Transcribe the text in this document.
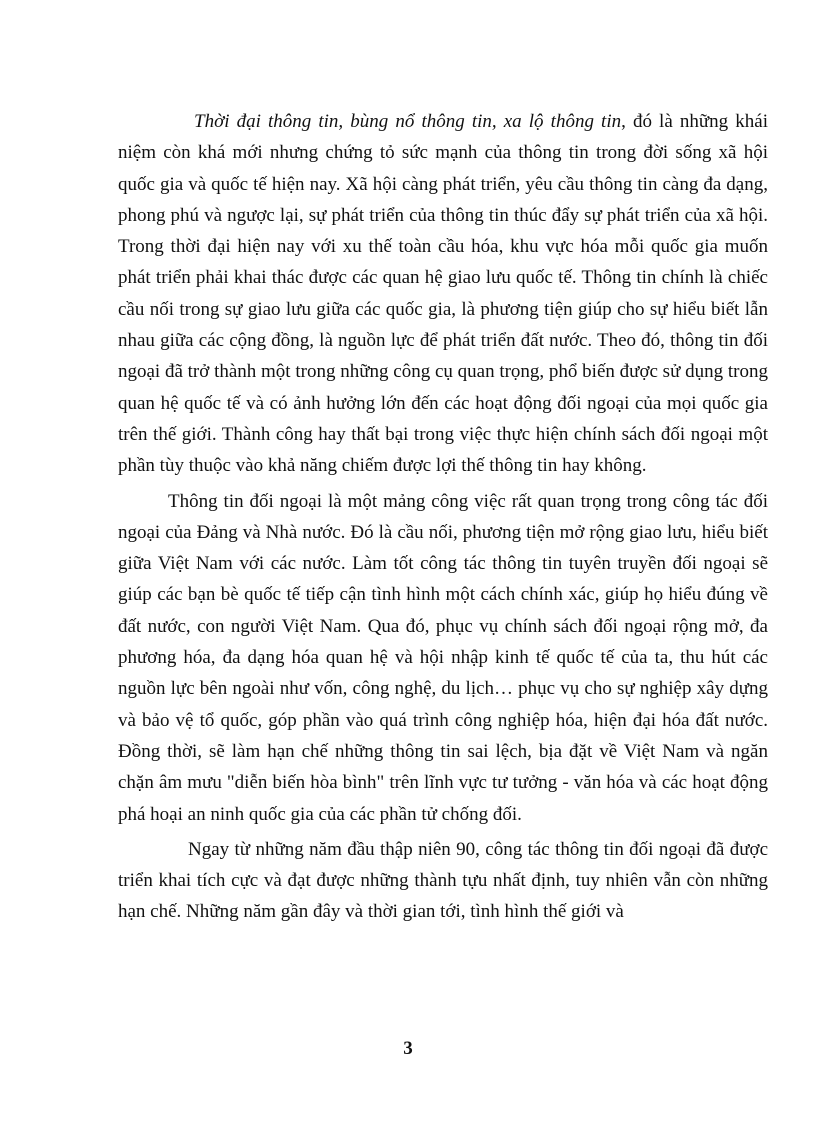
Thời đại thông tin, bùng nổ thông tin, xa lộ thông tin, đó là những khái niệm còn khá mới nhưng chứng tỏ sức mạnh của thông tin trong đời sống xã hội quốc gia và quốc tế hiện nay. Xã hội càng phát triển, yêu cầu thông tin càng đa dạng, phong phú và ngược lại, sự phát triển của thông tin thúc đẩy sự phát triển của xã hội. Trong thời đại hiện nay với xu thế toàn cầu hóa, khu vực hóa mỗi quốc gia muốn phát triển phải khai thác được các quan hệ giao lưu quốc tế. Thông tin chính là chiếc cầu nối trong sự giao lưu giữa các quốc gia, là phương tiện giúp cho sự hiểu biết lẫn nhau giữa các cộng đồng, là nguồn lực để phát triển đất nước. Theo đó, thông tin đối ngoại đã trở thành một trong những công cụ quan trọng, phổ biến được sử dụng trong quan hệ quốc tế và có ảnh hưởng lớn đến các hoạt động đối ngoại của mọi quốc gia trên thế giới. Thành công hay thất bại trong việc thực hiện chính sách đối ngoại một phần tùy thuộc vào khả năng chiếm được lợi thế thông tin hay không.

Thông tin đối ngoại là một mảng công việc rất quan trọng trong công tác đối ngoại của Đảng và Nhà nước. Đó là cầu nối, phương tiện mở rộng giao lưu, hiểu biết giữa Việt Nam với các nước. Làm tốt công tác thông tin tuyên truyền đối ngoại sẽ giúp các bạn bè quốc tế tiếp cận tình hình một cách chính xác, giúp họ hiểu đúng về đất nước, con người Việt Nam. Qua đó, phục vụ chính sách đối ngoại rộng mở, đa phương hóa, đa dạng hóa quan hệ và hội nhập kinh tế quốc tế của ta, thu hút các nguồn lực bên ngoài như vốn, công nghệ, du lịch… phục vụ cho sự nghiệp xây dựng và bảo vệ tổ quốc, góp phần vào quá trình công nghiệp hóa, hiện đại hóa đất nước. Đồng thời, sẽ làm hạn chế những thông tin sai lệch, bịa đặt về Việt Nam và ngăn chặn âm mưu "diễn biến hòa bình" trên lĩnh vực tư tưởng - văn hóa và các hoạt động phá hoại an ninh quốc gia của các phần tử chống đối.

Ngay từ những năm đầu thập niên 90, công tác thông tin đối ngoại đã được triển khai tích cực và đạt được những thành tựu nhất định, tuy nhiên vẫn còn những hạn chế. Những năm gần đây và thời gian tới, tình hình thế giới và

3
